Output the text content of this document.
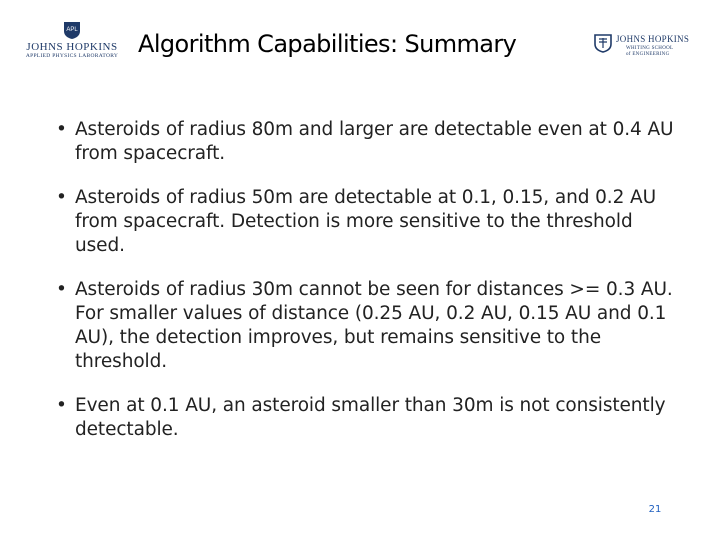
APL
JOHNS HOPKINS
APPLIED PHYSICS LABORATORY Algorithm Capabilities: Summary	JOHNS HOPKINS
WHITING SCHOOL
of ENGINEERING
• Asteroids of radius 80m and larger are detectable even at 0.4 AU from spacecraft.
• Asteroids of radius 50m are detectable at 0.1, 0.15, and 0.2 AU from spacecraft. Detection is more sensitive to the threshold used.
• Asteroids of radius 30m cannot be seen for distances >= 0.3 AU. For smaller values of distance (0.25 AU, 0.2 AU, 0.15 AU and 0.1 AU), the detection improves, but remains sensitive to the threshold.
• Even at 0.1 AU, an asteroid smaller than 30m is not consistently detectable.
21
